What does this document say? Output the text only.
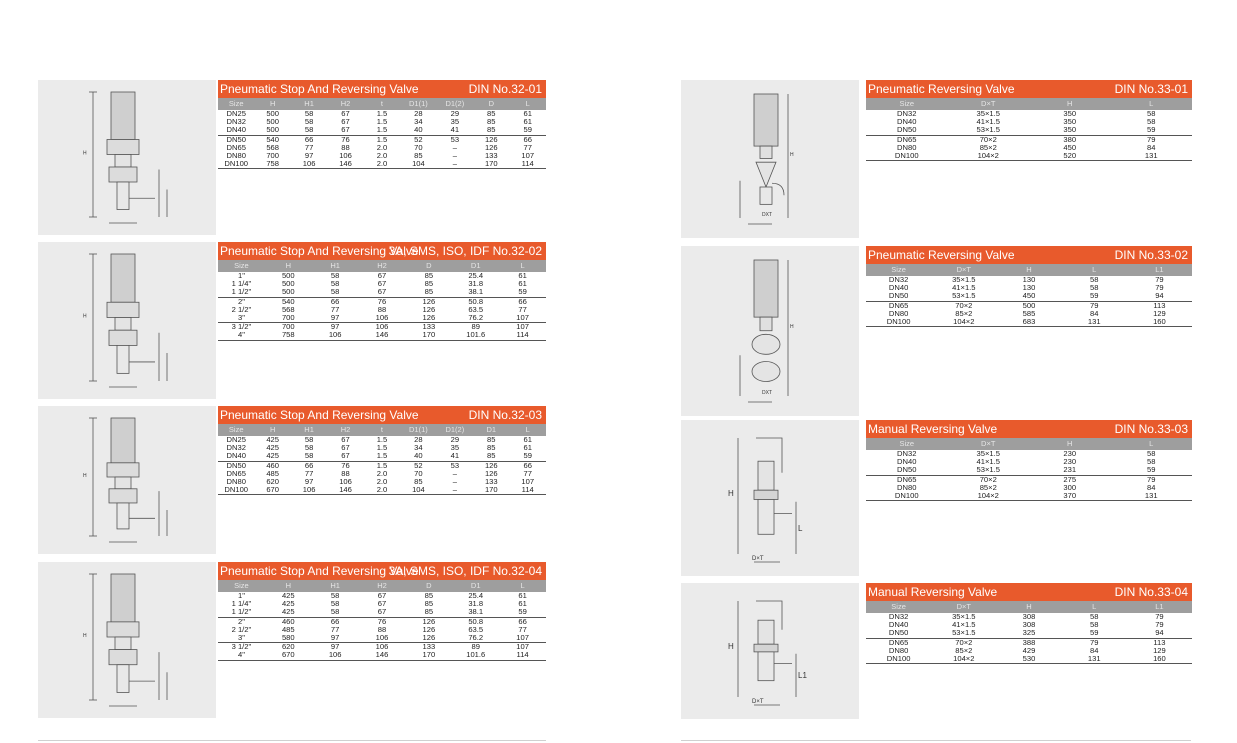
H
Pneumatic Stop And Reversing Valve	DIN No.32-01
Size	H	H1	H2	t	D1(1)	D1(2)	D	L
DN25	500	58	67	1.5	28	29	85	61
DN32	500	58	67	1.5	34	35	85	61
DN40	500	58	67	1.5	40	41	85	59
DN50	540	66	76	1.5	52	53	126	66
DN65	568	77	88	2.0	70	–	126	77
DN80	700	97	106	2.0	85	–	133	107
DN100	758	106	146	2.0	104	–	170	114
H
Pneumatic Stop And Reversing Valve
3A, SMS, ISO, IDF No.32-02
Size	H	H1	H2	D	D1	L
1"	500	58	67	85	25.4	61
1 1/4"	500	58	67	85	31.8	61
1 1/2"	500	58	67	85	38.1	59
2"	540	66	76	126	50.8	66
2 1/2"	568	77	88	126	63.5	77
3"	700	97	106	126	76.2	107
3 1/2"	700	97	106	133	89	107
4"	758	106	146	170	101.6	114
H
Pneumatic Stop And Reversing Valve	DIN No.32-03
Size	H	H1	H2	t	D1(1)	D1(2)	D1	L
DN25	425	58	67	1.5	28	29	85	61
DN32	425	58	67	1.5	34	35	85	61
DN40	425	58	67	1.5	40	41	85	59
DN50	460	66	76	1.5	52	53	126	66
DN65	485	77	88	2.0	70	–	126	77
DN80	620	97	106	2.0	85	–	133	107
DN100	670	106	146	2.0	104	–	170	114
H
Pneumatic Stop And Reversing Valve
3A, SMS, ISO, IDF No.32-04
Size	H	H1	H2	D	D1	L
1"	425	58	67	85	25.4	61
1 1/4"	425	58	67	85	31.8	61
1 1/2"	425	58	67	85	38.1	59
2"	460	66	76	126	50.8	66
2 1/2"	485	77	88	126	63.5	77
3"	580	97	106	126	76.2	107
3 1/2"	620	97	106	133	89	107
4"	670	106	146	170	101.6	114
H
DXT
Pneumatic Reversing Valve	DIN No.33-01
Size	D×T	H	L
DN32	35×1.5	350	58
DN40	41×1.5	350	58
DN50	53×1.5	350	59
DN65	70×2	380	79
DN80	85×2	450	84
DN100	104×2	520	131
H
DXT
Pneumatic Reversing Valve	DIN No.33-02
Size	D×T	H	L	L1
DN32	35×1.5	130	58	79
DN40	41×1.5	130	58	79
DN50	53×1.5	450	59	94
DN65	70×2	500	79	113
DN80	85×2	585	84	129
DN100	104×2	683	131	160
H
L
D×T
Manual Reversing Valve	DIN No.33-03
Size	D×T	H	L
DN32	35×1.5	230	58
DN40	41×1.5	230	58
DN50	53×1.5	231	59
DN65	70×2	275	79
DN80	85×2	300	84
DN100	104×2	370	131
H
L1
D×T
Manual Reversing Valve	DIN No.33-04
Size	D×T	H	L	L1
DN32	35×1.5	308	58	79
DN40	41×1.5	308	58	79
DN50	53×1.5	325	59	94
DN65	70×2	388	79	113
DN80	85×2	429	84	129
DN100	104×2	530	131	160
